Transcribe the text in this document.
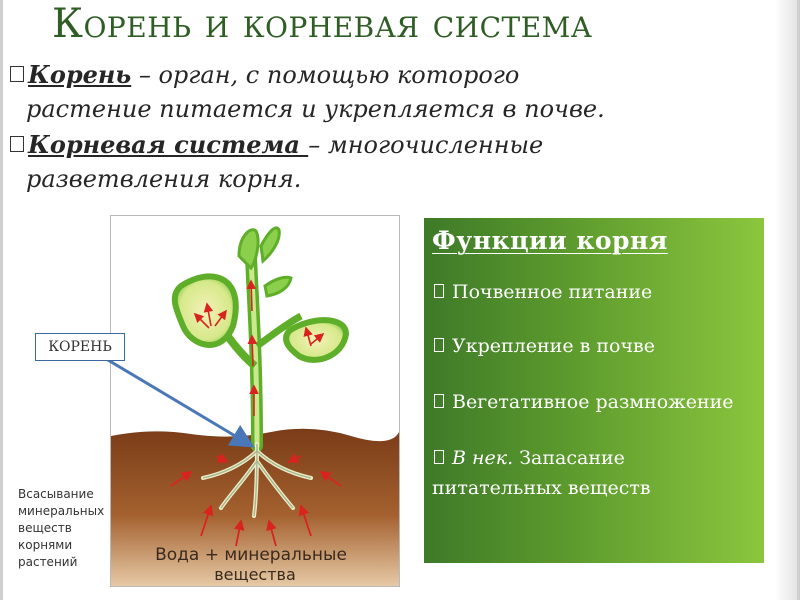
Корень и корневая система
Корень – орган, с помощью которого
растение питается и укрепляется в почве.
Корневая система – многочисленные
разветвления корня.
Вода + минеральные
вещества
КОРЕНЬ
Всасывание
минеральных
веществ
корнями
растений
Функции корня
Почвенное питание
Укрепление в почве
Вегетативное размножение
В нек. Запасание
питательных веществ
